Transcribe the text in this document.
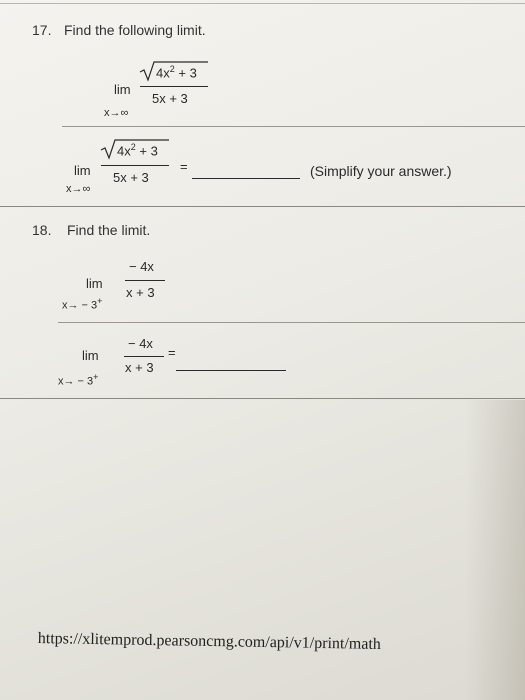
17. Find the following limit.
lim
x→∞
$4x^2 + 3$
5x + 3
lim
x→∞
$4x^2 + 3$
5x + 3
=	(Simplify your answer.)
18. Find the limit.
lim
x→ − 3+
− 4x
x + 3
lim
x→ − 3+
− 4x
x + 3
=
https://xlitemprod.pearsoncmg.com/api/v1/print/math
